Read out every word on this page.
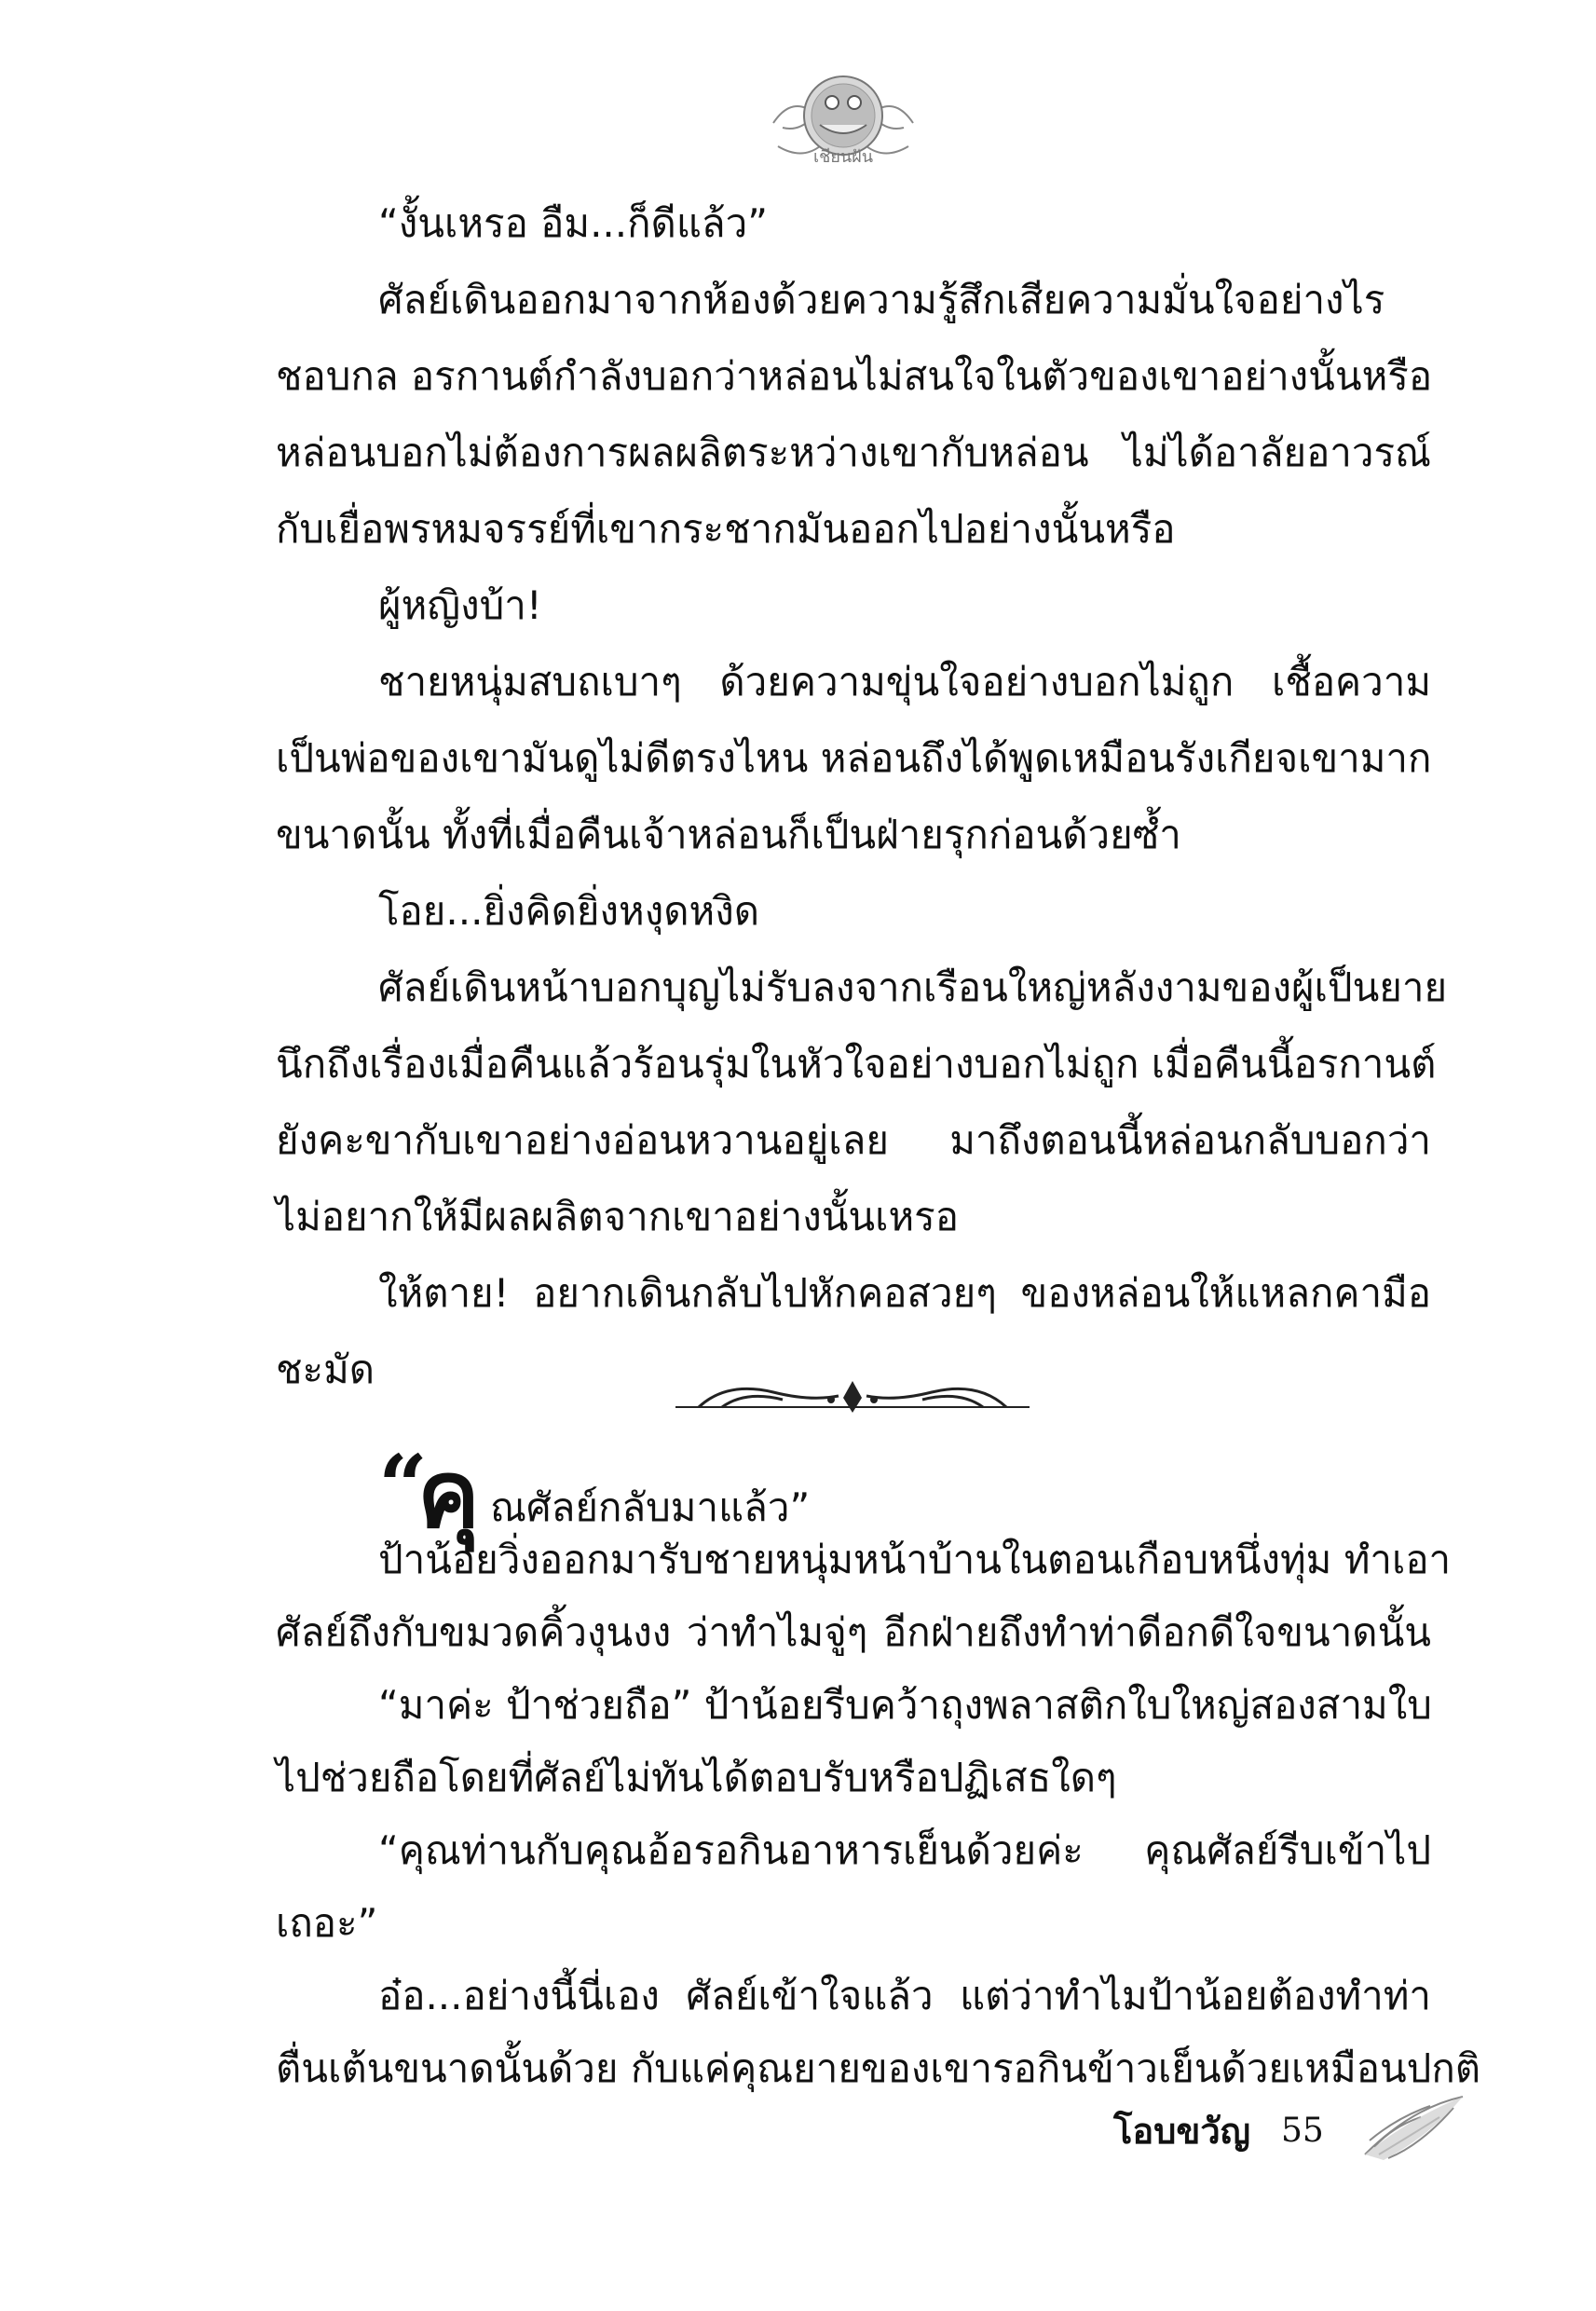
เชียนฝัน
“งั้นเหรอ อืม...ก็ดีแล้ว”
ศัลย์เดินออกมาจากห้องด้วยความรู้สึกเสียความมั่นใจอย่างไร
ชอบกล อรกานต์กำลังบอกว่าหล่อนไม่สนใจในตัวของเขาอย่างนั้นหรือ
หล่อนบอกไม่ต้องการผลผลิตระหว่างเขากับหล่อน ไม่ได้อาลัยอาวรณ์
กับเยื่อพรหมจรรย์ที่เขากระชากมันออกไปอย่างนั้นหรือ
ผู้หญิงบ้า!
ชายหนุ่มสบถเบาๆ ด้วยความขุ่นใจอย่างบอกไม่ถูก เชื้อความ
เป็นพ่อของเขามันดูไม่ดีตรงไหน หล่อนถึงได้พูดเหมือนรังเกียจเขามาก
ขนาดนั้น ทั้งที่เมื่อคืนเจ้าหล่อนก็เป็นฝ่ายรุกก่อนด้วยซ้ำ
โอย...ยิ่งคิดยิ่งหงุดหงิด
ศัลย์เดินหน้าบอกบุญไม่รับลงจากเรือนใหญ่หลังงามของผู้เป็นยาย
นึกถึงเรื่องเมื่อคืนแล้วร้อนรุ่มในหัวใจอย่างบอกไม่ถูก เมื่อคืนนี้อรกานต์
ยังคะขากับเขาอย่างอ่อนหวานอยู่เลย มาถึงตอนนี้หล่อนกลับบอกว่า
ไม่อยากให้มีผลผลิตจากเขาอย่างนั้นเหรอ
ให้ตาย! อยากเดินกลับไปหักคอสวยๆ ของหล่อนให้แหลกคามือ
ชะมัด
“
คุ ณศัลย์กลับมาแล้ว”
ป้าน้อยวิ่งออกมารับชายหนุ่มหน้าบ้านในตอนเกือบหนึ่งทุ่ม ทำเอา
ศัลย์ถึงกับขมวดคิ้วงุนงง ว่าทำไมจู่ๆ อีกฝ่ายถึงทำท่าดีอกดีใจขนาดนั้น
“มาค่ะ ป้าช่วยถือ” ป้าน้อยรีบคว้าถุงพลาสติกใบใหญ่สองสามใบ
ไปช่วยถือโดยที่ศัลย์ไม่ทันได้ตอบรับหรือปฏิเสธใดๆ
“คุณท่านกับคุณอ้อรอกินอาหารเย็นด้วยค่ะ คุณศัลย์รีบเข้าไป
เถอะ”
อ๋อ...อย่างนี้นี่เอง ศัลย์เข้าใจแล้ว แต่ว่าทำไมป้าน้อยต้องทำท่า
ตื่นเต้นขนาดนั้นด้วย กับแค่คุณยายของเขารอกินข้าวเย็นด้วยเหมือนปกติ
โอบขวัญ 55
